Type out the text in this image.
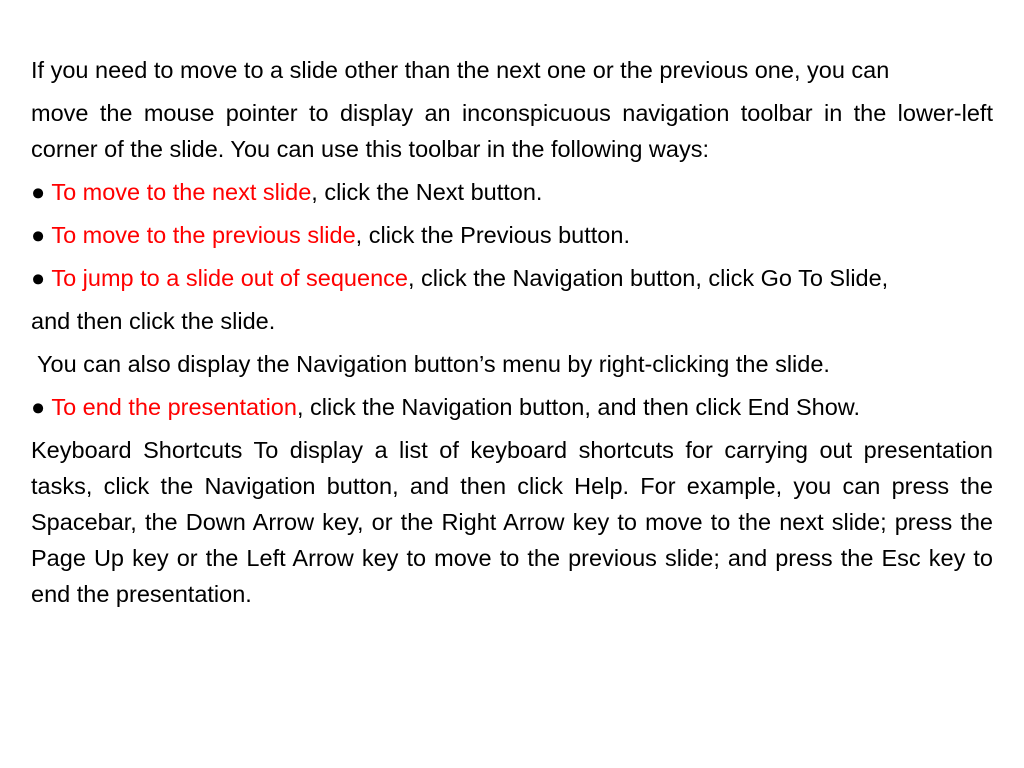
If you need to move to a slide other than the next one or the previous one, you can

move the mouse pointer to display an inconspicuous navigation toolbar in the lower-left corner of the slide. You can use this toolbar in the following ways:

● To move to the next slide, click the Next button.

● To move to the previous slide, click the Previous button.

● To jump to a slide out of sequence, click the Navigation button, click Go To Slide,

and then click the slide.

You can also display the Navigation button’s menu by right-clicking the slide.

● To end the presentation, click the Navigation button, and then click End Show.

Keyboard Shortcuts To display a list of keyboard shortcuts for carrying out presentation tasks, click the Navigation button, and then click Help. For example, you can press the Spacebar, the Down Arrow key, or the Right Arrow key to move to the next slide; press the Page Up key or the Left Arrow key to move to the previous slide; and press the Esc key to end the presentation.
